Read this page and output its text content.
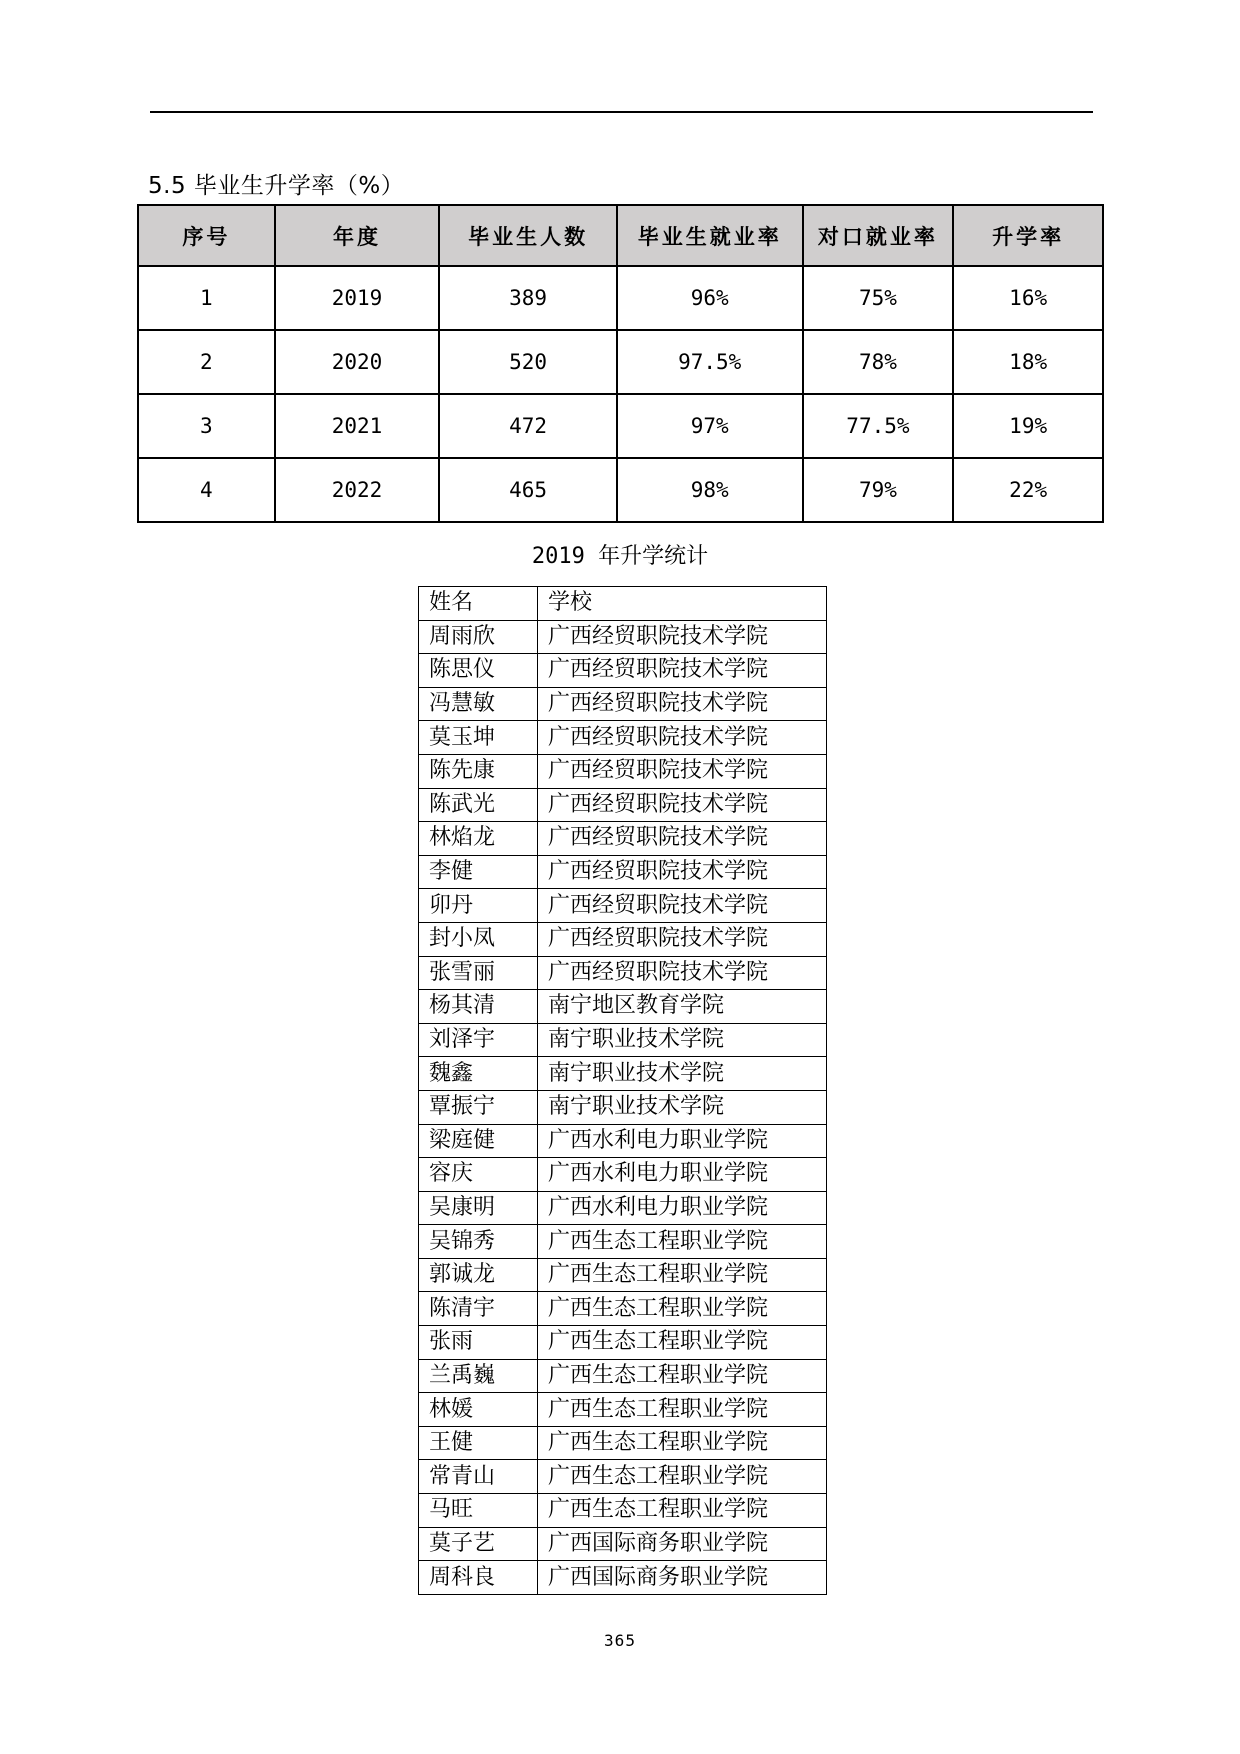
5.5 毕业生升学率（%）
序号	年度	毕业生人数	毕业生就业率	对口就业率	升学率
1	2019	389	96%	75%	16%
2	2020	520	97.5%	78%	18%
3	2021	472	97%	77.5%	19%
4	2022	465	98%	79%	22%
2019 年升学统计
姓名	学校
周雨欣	广西经贸职院技术学院
陈思仪	广西经贸职院技术学院
冯慧敏	广西经贸职院技术学院
莫玉坤	广西经贸职院技术学院
陈先康	广西经贸职院技术学院
陈武光	广西经贸职院技术学院
林焰龙	广西经贸职院技术学院
李健	广西经贸职院技术学院
卯丹	广西经贸职院技术学院
封小凤	广西经贸职院技术学院
张雪丽	广西经贸职院技术学院
杨其清	南宁地区教育学院
刘泽宇	南宁职业技术学院
魏鑫	南宁职业技术学院
覃振宁	南宁职业技术学院
梁庭健	广西水利电力职业学院
容庆	广西水利电力职业学院
吴康明	广西水利电力职业学院
吴锦秀	广西生态工程职业学院
郭诚龙	广西生态工程职业学院
陈清宇	广西生态工程职业学院
张雨	广西生态工程职业学院
兰禹巍	广西生态工程职业学院
林媛	广西生态工程职业学院
王健	广西生态工程职业学院
常青山	广西生态工程职业学院
马旺	广西生态工程职业学院
莫子艺	广西国际商务职业学院
周科良	广西国际商务职业学院
365
